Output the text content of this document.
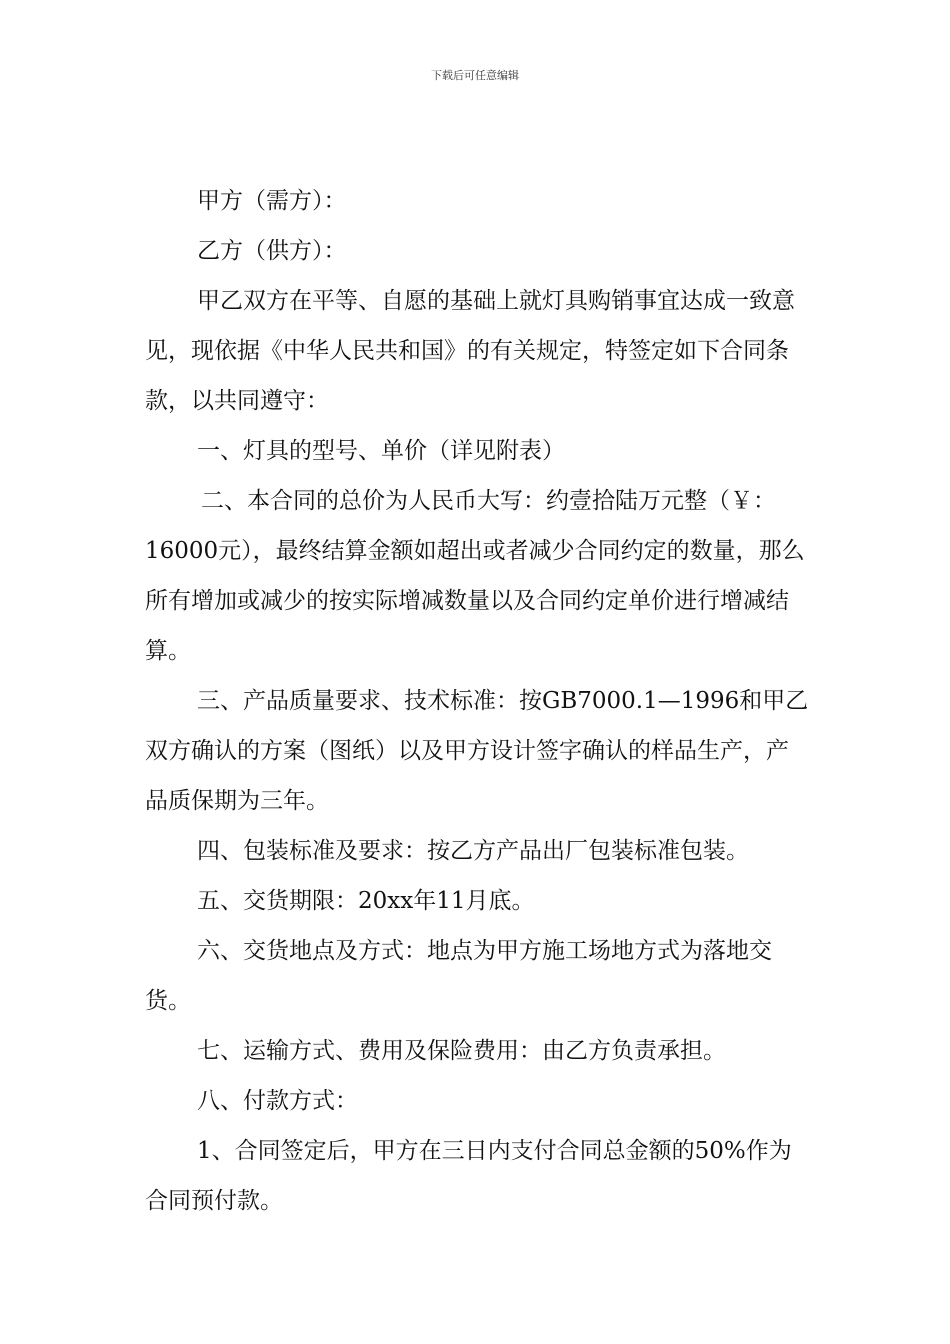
下载后可任意编辑

甲方（需方）：

乙方（供方）：

甲乙双方在平等、自愿的基础上就灯具购销事宜达成一致意见，现依据《中华人民共和国》的有关规定，特签定如下合同条款，以共同遵守：

一、灯具的型号、单价（详见附表）

二、本合同的总价为人民币大写：约壹拾陆万元整（￥：16000元），最终结算金额如超出或者减少合同约定的数量，那么所有增加或减少的按实际增减数量以及合同约定单价进行增减结算。

三、产品质量要求、技术标准：按GB7000.1—1996和甲乙双方确认的方案（图纸）以及甲方设计签字确认的样品生产，产品质保期为三年。

四、包装标准及要求：按乙方产品出厂包装标准包装。

五、交货期限：20xx年11月底。

六、交货地点及方式：地点为甲方施工场地方式为落地交货。

七、运输方式、费用及保险费用：由乙方负责承担。

八、付款方式：

1、合同签定后，甲方在三日内支付合同总金额的50%作为合同预付款。
